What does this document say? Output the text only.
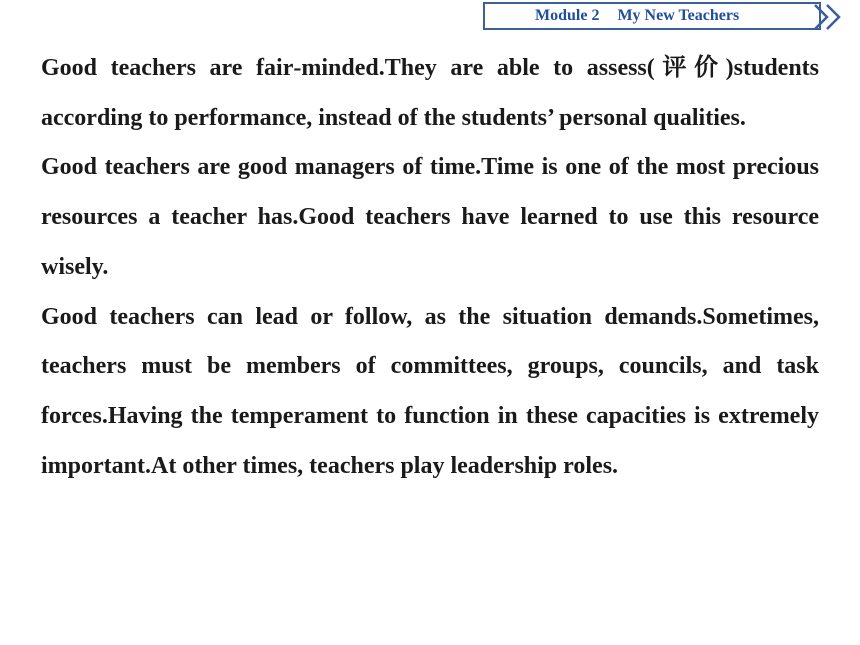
Module 2 My New Teachers

Good teachers are fair‑minded.They are able to assess(评价)students according to performance, instead of the students’ personal qualities.

Good teachers are good managers of time.Time is one of the most precious resources a teacher has.Good teachers have learned to use this resource wisely.

Good teachers can lead or follow, as the situation demands.Sometimes, teachers must be members of committees, groups, councils, and task forces.Having the temperament to function in these capacities is extremely important.At other times, teachers play leadership roles.
